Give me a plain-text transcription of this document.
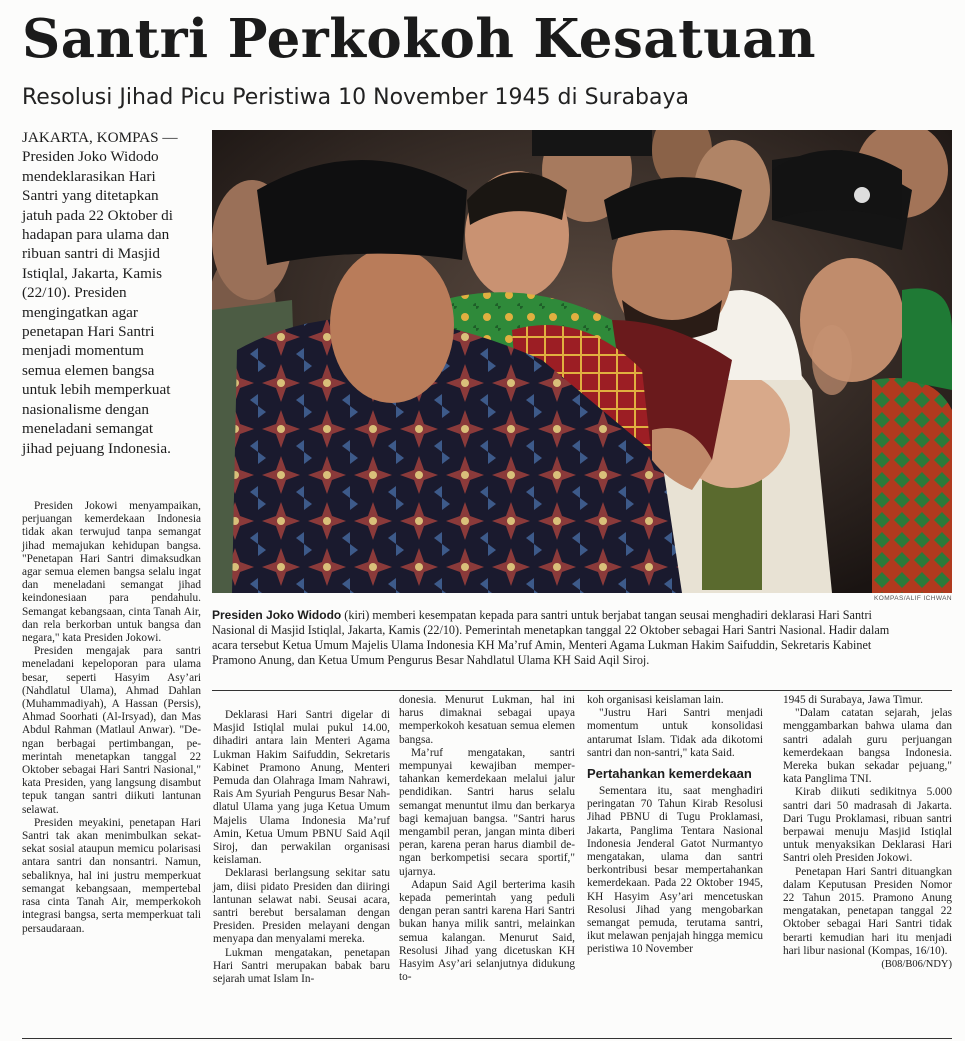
Santri Perkokoh Kesatuan
Resolusi Jihad Picu Peristiwa 10 November 1945 di Surabaya

JAKARTA, KOMPAS —
Presiden Joko Widodo
mendeklarasikan Hari
Santri yang ditetapkan
jatuh pada 22 Oktober di
hadapan para ulama dan
ribuan santri di Masjid
Istiqlal, Jakarta, Kamis
(22/10). Presiden
mengingatkan agar
penetapan Hari Santri
menjadi momentum
semua elemen bangsa
untuk lebih memperkuat
nasionalisme dengan
meneladani semangat
jihad pejuang Indonesia.

KOMPAS/ALIF ICHWAN
Presiden Joko Widodo (kiri) memberi kesempatan kepada para santri untuk berjabat tangan seusai menghadiri deklarasi Hari Santri
Nasional di Masjid Istiqlal, Jakarta, Kamis (22/10). Pemerintah menetapkan tanggal 22 Oktober sebagai Hari Santri Nasional. Hadir dalam
acara tersebut Ketua Umum Majelis Ulama Indonesia KH Ma’ruf Amin, Menteri Agama Lukman Hakim Saifuddin, Sekretaris Kabinet
Pramono Anung, dan Ketua Umum Pengurus Besar Nahdlatul Ulama KH Said Aqil Siroj.

Presiden Jokowi menyampaikan, perjuangan kemerdekaan Indonesia tidak akan terwujud tanpa semangat jihad memajukan kehidupan bangsa. "Penetapan Hari Santri dimaksudkan agar semua elemen bangsa selalu ingat dan meneladani semangat jihad keindonesiaan para pendahulu. Semangat kebangsaan, cinta Tanah Air, dan rela berkorban untuk bangsa dan negara," kata Presiden Jokowi.

Presiden mengajak para santri meneladani kepeloporan para ulama besar, seperti Hasyim Asy’ari (Nahdlatul Ulama), Ahmad Dahlan (Muhammadiyah), A Hassan (Persis), Ahmad Soorhati (Al-Irsyad), dan Mas Abdul Rahman (Matlaul Anwar). "Dengan berbagai pertimbangan, pemerintah menetapkan tanggal 22 Oktober sebagai Hari Santri Nasional," kata Presiden, yang langsung disambut tepuk tangan santri diikuti lantunan selawat.

Presiden meyakini, penetapan Hari Santri tak akan menimbulkan sekat-sekat sosial ataupun memicu polarisasi antara santri dan nonsantri. Namun, sebaliknya, hal ini justru memperkuat semangat kebangsaan, mempertebal rasa cinta Tanah Air, memperkokoh integrasi bangsa, serta memperkuat tali persaudaraan.

Deklarasi Hari Santri digelar di Masjid Istiqlal mulai pukul 14.00, dihadiri antara lain Menteri Agama Lukman Hakim Saifuddin, Sekretaris Kabinet Pramono Anung, Menteri Pemuda dan Olahraga Imam Nahrawi, Rais Am Syuriah Pengurus Besar Nahdlatul Ulama yang juga Ketua Umum Majelis Ulama Indonesia Ma’ruf Amin, Ketua Umum PBNU Said Aqil Siroj, dan perwakilan organisasi keislaman.

Deklarasi berlangsung sekitar satu jam, diisi pidato Presiden dan diiringi lantunan selawat nabi. Seusai acara, santri berebut bersalaman dengan Presiden. Presiden melayani dengan menyapa dan menyalami mereka.

Lukman mengatakan, penetapan Hari Santri merupakan babak baru sejarah umat Islam In-

donesia. Menurut Lukman, hal ini harus dimaknai sebagai upaya memperkokoh kesatuan semua elemen bangsa.

Ma’ruf mengatakan, santri mempunyai kewajiban mempertahankan kemerdekaan melalui jalur pendidikan. Santri harus selalu semangat menuntut ilmu dan berkarya bagi kemajuan bangsa. "Santri harus mengambil peran, jangan minta diberi peran, karena peran harus diambil dengan berkompetisi secara sportif," ujarnya.

Adapun Said Agil berterima kasih kepada pemerintah yang peduli dengan peran santri karena Hari Santri bukan hanya milik santri, melainkan semua kalangan. Menurut Said, Resolusi Jihad yang dicetuskan KH Hasyim Asy’ari selanjutnya didukung to-

koh organisasi keislaman lain.

"Justru Hari Santri menjadi momentum untuk konsolidasi antarumat Islam. Tidak ada dikotomi santri dan non-santri," kata Said.

Pertahankan kemerdekaan

Sementara itu, saat menghadiri peringatan 70 Tahun Kirab Resolusi Jihad PBNU di Tugu Proklamasi, Jakarta, Panglima Tentara Nasional Indonesia Jenderal Gatot Nurmantyo mengatakan, ulama dan santri berkontribusi besar mempertahankan kemerdekaan. Pada 22 Oktober 1945, KH Hasyim Asy’ari mencetuskan Resolusi Jihad yang mengobarkan semangat pemuda, terutama santri, ikut melawan penjajah hingga memicu peristiwa 10 November

1945 di Surabaya, Jawa Timur.

"Dalam catatan sejarah, jelas menggambarkan bahwa ulama dan santri adalah guru perjuangan kemerdekaan bangsa Indonesia. Mereka bukan sekadar pejuang," kata Panglima TNI.

Kirab diikuti sedikitnya 5.000 santri dari 50 madrasah di Jakarta. Dari Tugu Proklamasi, ribuan santri berpawai menuju Masjid Istiqlal untuk menyaksikan Deklarasi Hari Santri oleh Presiden Jokowi.

Penetapan Hari Santri dituangkan dalam Keputusan Presiden Nomor 22 Tahun 2015. Pramono Anung mengatakan, penetapan tanggal 22 Oktober sebagai Hari Santri tidak berarti kemudian hari itu menjadi hari libur nasional (Kompas, 16/10).

(B08/B06/NDY)
